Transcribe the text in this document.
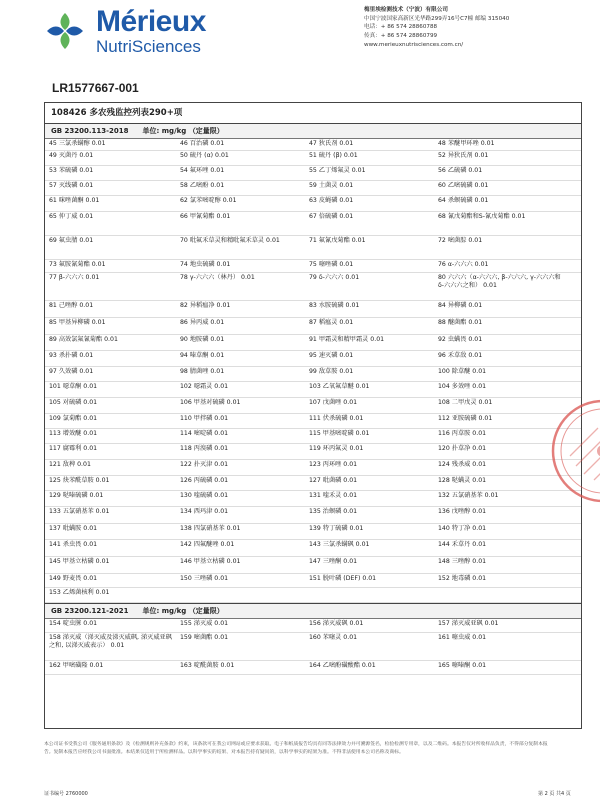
Mérieux
NutriSciences
梅里埃检测技术（宁波）有限公司
中国宁波国家高新区光华路299弄16号C7幢 邮编 315040
电话：+ 86 574 28860788
传真：+ 86 574 28860799
www.merieuxnutrisciences.com.cn/
LR1577667-001
108426 多农残监控列表290+项
GB 23200.113-2018 单位: mg/kg （定量限）
45 三氯杀螨醇 0.01	46 百治磷 0.01	47 狄氏剂 0.01	48 苯醚甲环唑 0.01
49 灭菌丹 0.01	50 硫丹 (α) 0.01	51 硫丹 (β) 0.01	52 异狄氏剂 0.01
53 苯硫磷 0.01	54 氟环唑 0.01	55 乙丁烯氟灵 0.01	56 乙硫磷 0.01
57 灭线磷 0.01	58 乙嘧酚 0.01	59 土菌灵 0.01	60 乙嘧硫磷 0.01
61 咪唑菌酮 0.01	62 氯苯嘧啶醇 0.01	63 皮蝇磷 0.01	64 杀螟硫磷 0.01
65 仲丁威 0.01	66 甲氰菊酯 0.01	67 倍硫磷 0.01	68 氰戊菊酯和S-氰戊菊酯 0.01
69 氟虫腈 0.01	70 吡氟禾草灵和精吡氟禾草灵 0.01	71 氟氰戊菊酯 0.01	72 嘧菌腙 0.01
73 氟胺氰菊酯 0.01	74 地虫硫磷 0.01	75 噻唑磷 0.01	76 α-六六六 0.01
77 β-六六六 0.01	78 γ-六六六（林丹） 0.01	79 δ-六六六 0.01	80 六六六（α-六六六, β-六六六, γ-六六六和δ-六六六之和） 0.01
81 己唑醇 0.01	82 异稻瘟净 0.01	83 水胺硫磷 0.01	84 异柳磷 0.01
85 甲基异柳磷 0.01	86 异丙威 0.01	87 稻瘟灵 0.01	88 醚菌酯 0.01
89 高效氯氟氰菊酯 0.01	90 地胺磷 0.01	91 甲霜灵和精甲霜灵 0.01	92 虫螨畏 0.01
93 杀扑磷 0.01	94 嗪草酮 0.01	95 速灭磷 0.01	96 禾草敌 0.01
97 久效磷 0.01	98 腈菌唑 0.01	99 敌草胺 0.01	100 除草醚 0.01
101 噁草酮 0.01	102 噁霜灵 0.01	103 乙氧氟草醚 0.01	104 多效唑 0.01
105 对硫磷 0.01	106 甲基对硫磷 0.01	107 戊菌唑 0.01	108 二甲戊灵 0.01
109 氯菊酯 0.01	110 甲拌磷 0.01	111 伏杀硫磷 0.01	112 亚胺硫磷 0.01
113 增效醚 0.01	114 嘧啶磷 0.01	115 甲基嘧啶磷 0.01	116 丙草胺 0.01
117 腐霉利 0.01	118 丙溴磷 0.01	119 环丙氟灵 0.01	120 扑草净 0.01
121 敌稗 0.01	122 扑灭津 0.01	123 丙环唑 0.01	124 残杀威 0.01
125 炔苯酰草胺 0.01	126 丙硫磷 0.01	127 吡菌磷 0.01	128 哒螨灵 0.01
129 哒嗪硫磷 0.01	130 喹硫磷 0.01	131 喹禾灵 0.01	132 五氯硝基苯 0.01
133 五氯硝基苯 0.01	134 西玛津 0.01	135 治螟磷 0.01	136 戊唑醇 0.01
137 吡螨胺 0.01	138 四氯硝基苯 0.01	139 特丁硫磷 0.01	140 特丁净 0.01
141 杀虫畏 0.01	142 四氟醚唑 0.01	143 三氯杀螨砜 0.01	144 禾草丹 0.01
145 甲基立枯磷 0.01	146 甲基立枯磷 0.01	147 三唑酮 0.01	148 三唑醇 0.01
149 野麦畏 0.01	150 三唑磷 0.01	151 脱叶磷 (DEF) 0.01	152 地毒磷 0.01
153 乙烯菌核利 0.01
GB 23200.121-2021 单位: mg/kg （定量限）
154 啶虫脒 0.01	155 涕灭威 0.01	156 涕灭威砜 0.01	157 涕灭威亚砜 0.01
158 涕灭威（涕灭威及涕灭威砜, 涕灭威亚砜之和, 以涕灭威表示） 0.01
159 嘧菌酯 0.01	160 苯噻灵 0.01	161 噻虫威 0.01
162 甲嘧磺隆 0.01	163 啶酰菌胺 0.01	164 乙嘧酚磺酸酯 0.01	165 噻嗪酮 0.01
本公司证书受我公司《服务通用条款》及《检测规则补充条款》约束，该条款可在我公司网站或应要求获取。电子和纸质报告均具有同等法律效力并可溯源签名，检验检测专用章，以及二维码。本报告仅对所收样品负责，不得部分复制本报告。复制本报告应经我公司书面批准。本结果仅适用于所检测样品。以科学事实的结果、对本报告持有疑问的，以科学事实的结果为准。不得非法使用本公司名称及商标。
证书编号 2760000	第 2 页 共4 页
